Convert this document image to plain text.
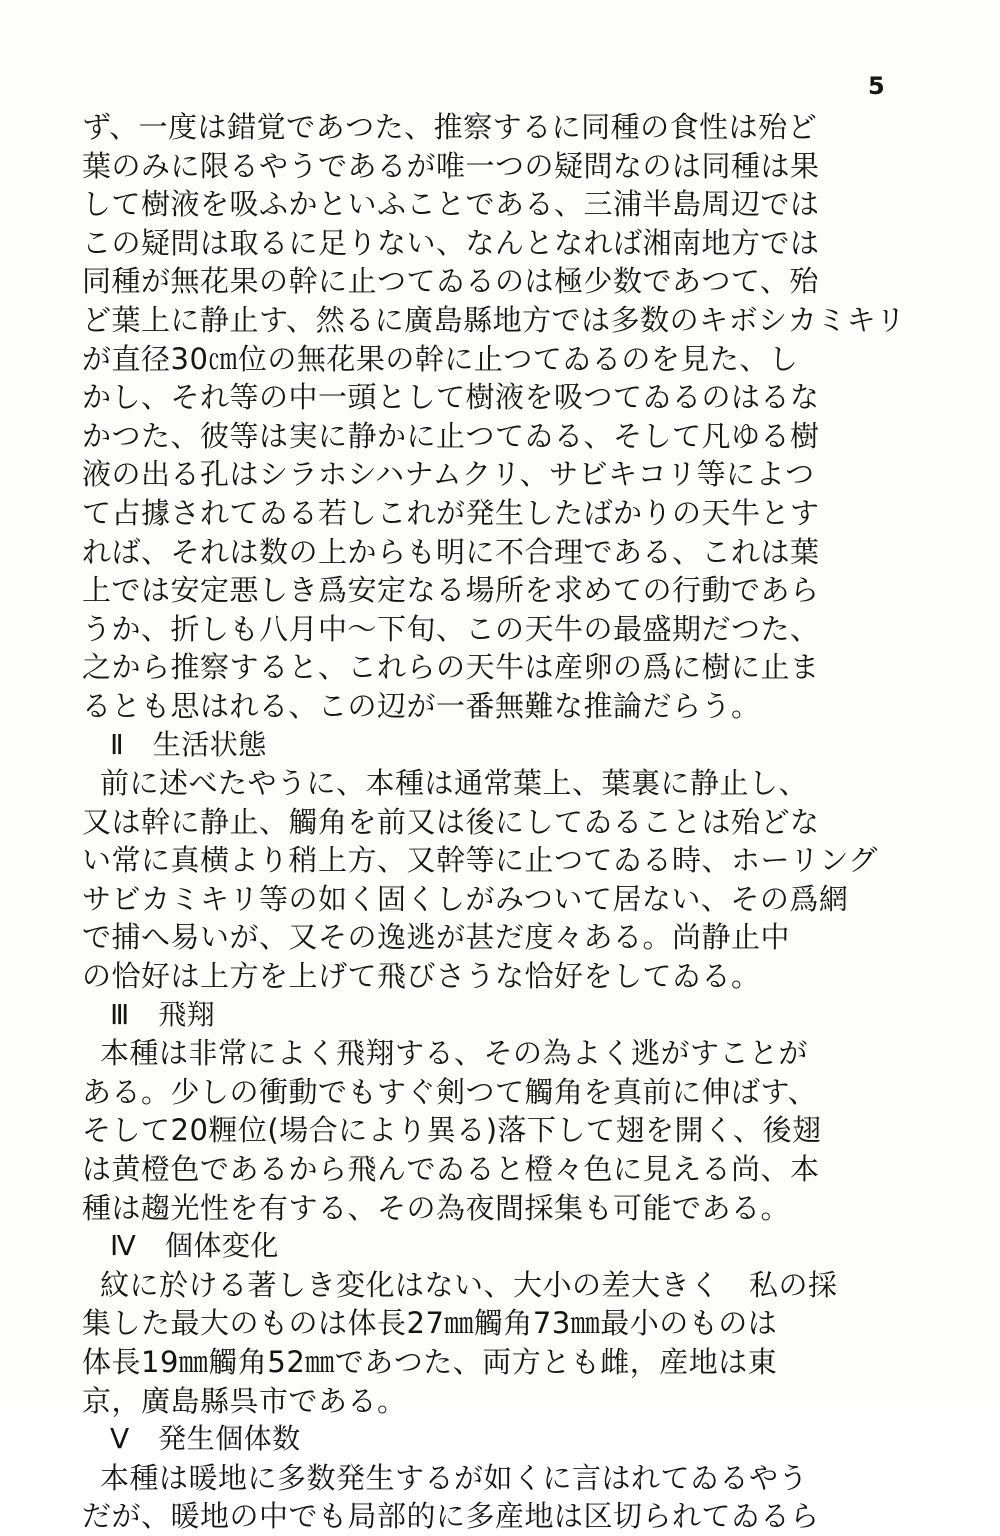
5
ず、一度は錯覚であつた、推察するに同種の食性は殆ど
葉のみに限るやうであるが唯一つの疑問なのは同種は果
して樹液を吸ふかといふことである、三浦半島周辺では
この疑問は取るに足りない、なんとなれば湘南地方では
同種が無花果の幹に止つてゐるのは極少数であつて、殆
ど葉上に静止す、然るに廣島縣地方では多数のキボシカミキリ
が直径30㎝位の無花果の幹に止つてゐるのを見た、し
かし、それ等の中一頭として樹液を吸つてゐるのはるな
かつた、彼等は実に静かに止つてゐる、そして凡ゆる樹
液の出る孔はシラホシハナムクリ、サビキコリ等によつ
て占據されてゐる若しこれが発生したばかりの天牛とす
れば、それは数の上からも明に不合理である、これは葉
上では安定悪しき爲安定なる場所を求めての行動であら
うか、折しも八月中～下旬、この天牛の最盛期だつた、
之から推察すると、これらの天牛は産卵の爲に樹に止ま
るとも思はれる、この辺が一番無難な推論だらう。
Ⅱ　生活状態
前に述べたやうに、本種は通常葉上、葉裏に静止し、
又は幹に静止、觸角を前又は後にしてゐることは殆どな
い常に真横より稍上方、又幹等に止つてゐる時、ホーリング
サビカミキリ等の如く固くしがみついて居ない、その爲網
で捕へ易いが、又その逸逃が甚だ度々ある。尚静止中
の恰好は上方を上げて飛びさうな恰好をしてゐる。
Ⅲ　飛翔
本種は非常によく飛翔する、その為よく逃がすことが
ある。少しの衝動でもすぐ剣つて觸角を真前に伸ばす、
そして20糎位(場合により異る)落下して翅を開く、後翅
は黄橙色であるから飛んでゐると橙々色に見える尚、本
種は趨光性を有する、その為夜間採集も可能である。
Ⅳ　個体変化
紋に於ける著しき変化はない、大小の差大きく　私の採
集した最大のものは体長27㎜觸角73㎜最小のものは
体長19㎜觸角52㎜であつた、両方とも雌，産地は東
京，廣島縣呉市である。
Ⅴ　発生個体数
本種は暖地に多数発生するが如くに言はれてゐるやう
だが、暖地の中でも局部的に多産地は区切られてゐるら
